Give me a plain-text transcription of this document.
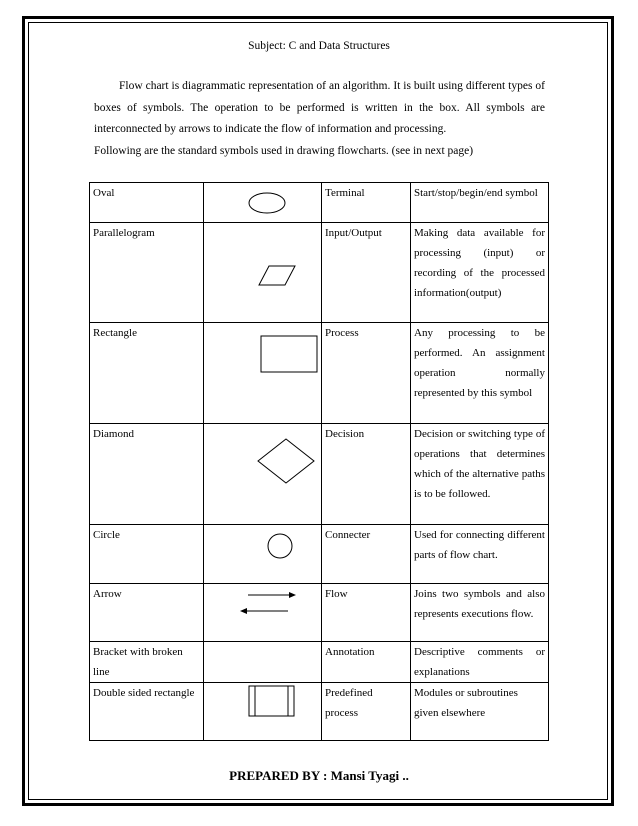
Subject: C and Data Structures

Flow chart is diagrammatic representation of an algorithm. It is built using different types of boxes of symbols. The operation to be performed is written in the box. All symbols are interconnected by arrows to indicate the flow of information and processing.

Following are the standard symbols used in drawing flowcharts. (see in next page)

Oval		Terminal	Start/stop/begin/end symbol
Parallelogram		Input/Output	Making data available for processing (input) or recording of the processed information(output)
Rectangle		Process	Any processing to be performed. An assignment operation normally represented by this symbol
Diamond		Decision	Decision or switching type of operations that determines which of the alternative paths is to be followed.
Circle		Connecter	Used for connecting different parts of flow chart.
Arrow		Flow	Joins two symbols and also represents executions flow.
Bracket with broken line		Annotation	Descriptive comments or explanations
Double sided rectangle		Predefined process	Modules or subroutines given elsewhere
PREPARED BY : Mansi Tyagi ..
